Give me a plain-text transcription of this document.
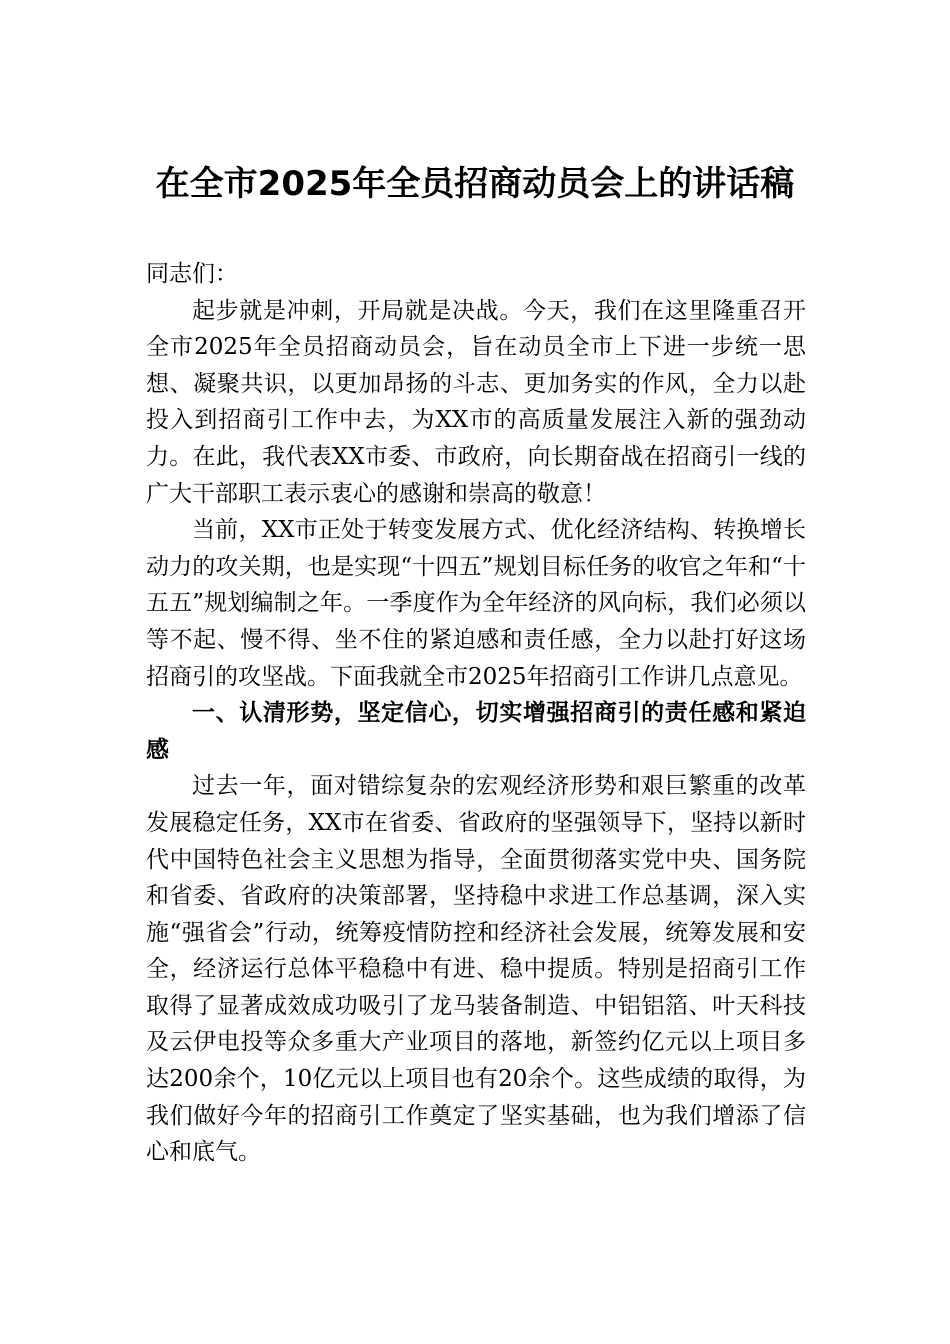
在全市2025年全员招商动员会上的讲话稿

同志们：

起步就是冲刺，开局就是决战。今天，我们在这里隆重召开全市2025年全员招商动员会，旨在动员全市上下进一步统一思想、凝聚共识，以更加昂扬的斗志、更加务实的作风，全力以赴投入到招商引工作中去，为XX市的高质量发展注入新的强劲动力。在此，我代表XX市委、市政府，向长期奋战在招商引一线的广大干部职工表示衷心的感谢和崇高的敬意！

当前，XX市正处于转变发展方式、优化经济结构、转换增长动力的攻关期，也是实现“十四五”规划目标任务的收官之年和“十五五”规划编制之年。一季度作为全年经济的风向标，我们必须以等不起、慢不得、坐不住的紧迫感和责任感，全力以赴打好这场招商引的攻坚战。下面我就全市2025年招商引工作讲几点意见。

一、认清形势，坚定信心，切实增强招商引的责任感和紧迫感

过去一年，面对错综复杂的宏观经济形势和艰巨繁重的改革发展稳定任务，XX市在省委、省政府的坚强领导下，坚持以新时代中国特色社会主义思想为指导，全面贯彻落实党中央、国务院和省委、省政府的决策部署，坚持稳中求进工作总基调，深入实施“强省会”行动，统筹疫情防控和经济社会发展，统筹发展和安全，经济运行总体平稳稳中有进、稳中提质。特别是招商引工作取得了显著成效成功吸引了龙马装备制造、中铝铝箔、叶天科技及云伊电投等众多重大产业项目的落地，新签约亿元以上项目多达200余个，10亿元以上项目也有20余个。这些成绩的取得，为我们做好今年的招商引工作奠定了坚实基础，也为我们增添了信心和底气。
